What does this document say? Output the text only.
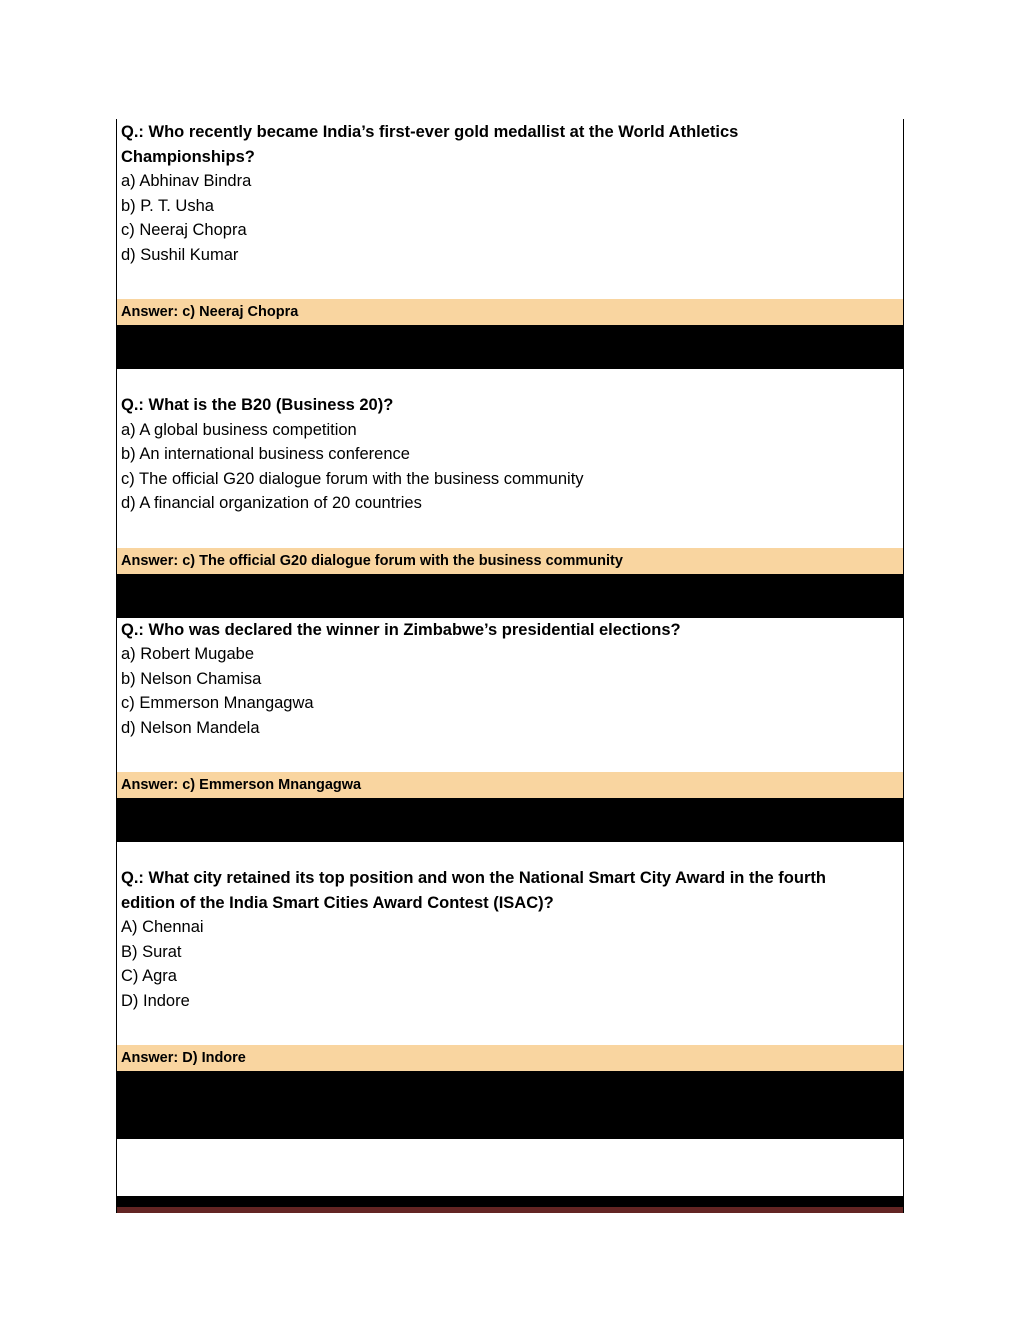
Q.: Who recently became India’s first-ever gold medallist at the World Athletics
Championships?
a) Abhinav Bindra
b) P. T. Usha
c) Neeraj Chopra
d) Sushil Kumar
Answer: c) Neeraj Chopra
Q.: What is the B20 (Business 20)?
a) A global business competition
b) An international business conference
c) The official G20 dialogue forum with the business community
d) A financial organization of 20 countries
Answer: c) The official G20 dialogue forum with the business community
Q.: Who was declared the winner in Zimbabwe’s presidential elections?
a) Robert Mugabe
b) Nelson Chamisa
c) Emmerson Mnangagwa
d) Nelson Mandela
Answer: c) Emmerson Mnangagwa
Q.: What city retained its top position and won the National Smart City Award in the fourth
edition of the India Smart Cities Award Contest (ISAC)?
A) Chennai
B) Surat
C) Agra
D) Indore
Answer: D) Indore
